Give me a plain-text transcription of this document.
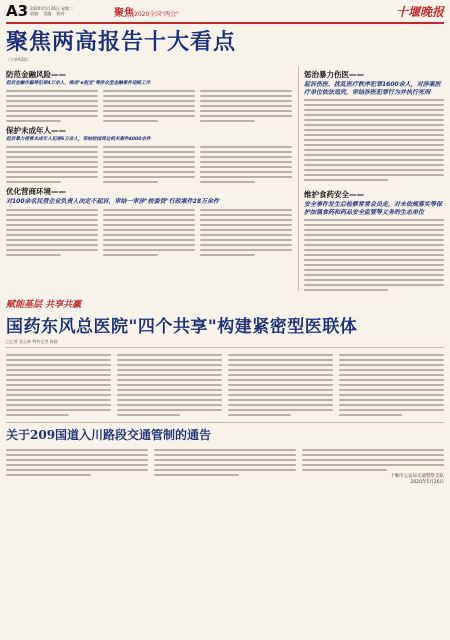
A3 2020年5月26日 星期二
责编： 美编： 校对：	聚焦2020全国"两会"	十堰晚报
聚焦两高报告十大看点
（下转A2版）
防范金融风险——
起诉金融诈骗等犯罪4万余人，推进"e租宝"等涉众型金融案件追赃工作
保护未成年人——
起诉暴力侵害未成年人犯罪6万余人，审结校园周边相关案件4000余件
优化营商环境——
对100余名民营企业负责人决定不起诉，审结一审涉"校套贷"行政案件28万余件
惩治暴力伤医——
起诉伤医、扰乱医疗秩序犯罪1600余人，对涉案医疗单位依法追究，审结涉医犯罪行为并执行死刑
维护食药安全——
安全事件发生后检察常常会员走，对未依规落实等保护加强食药和药品安全监管等义务的生态单位
赋能基层 共享共赢
国药东风总医院"四个共享"构建紧密型医联体
□记者 张云林 特约记者 陈晓
关于209国道入川路段交通管制的通告
十堰市公安局交通警察支队
2020年5月26日
